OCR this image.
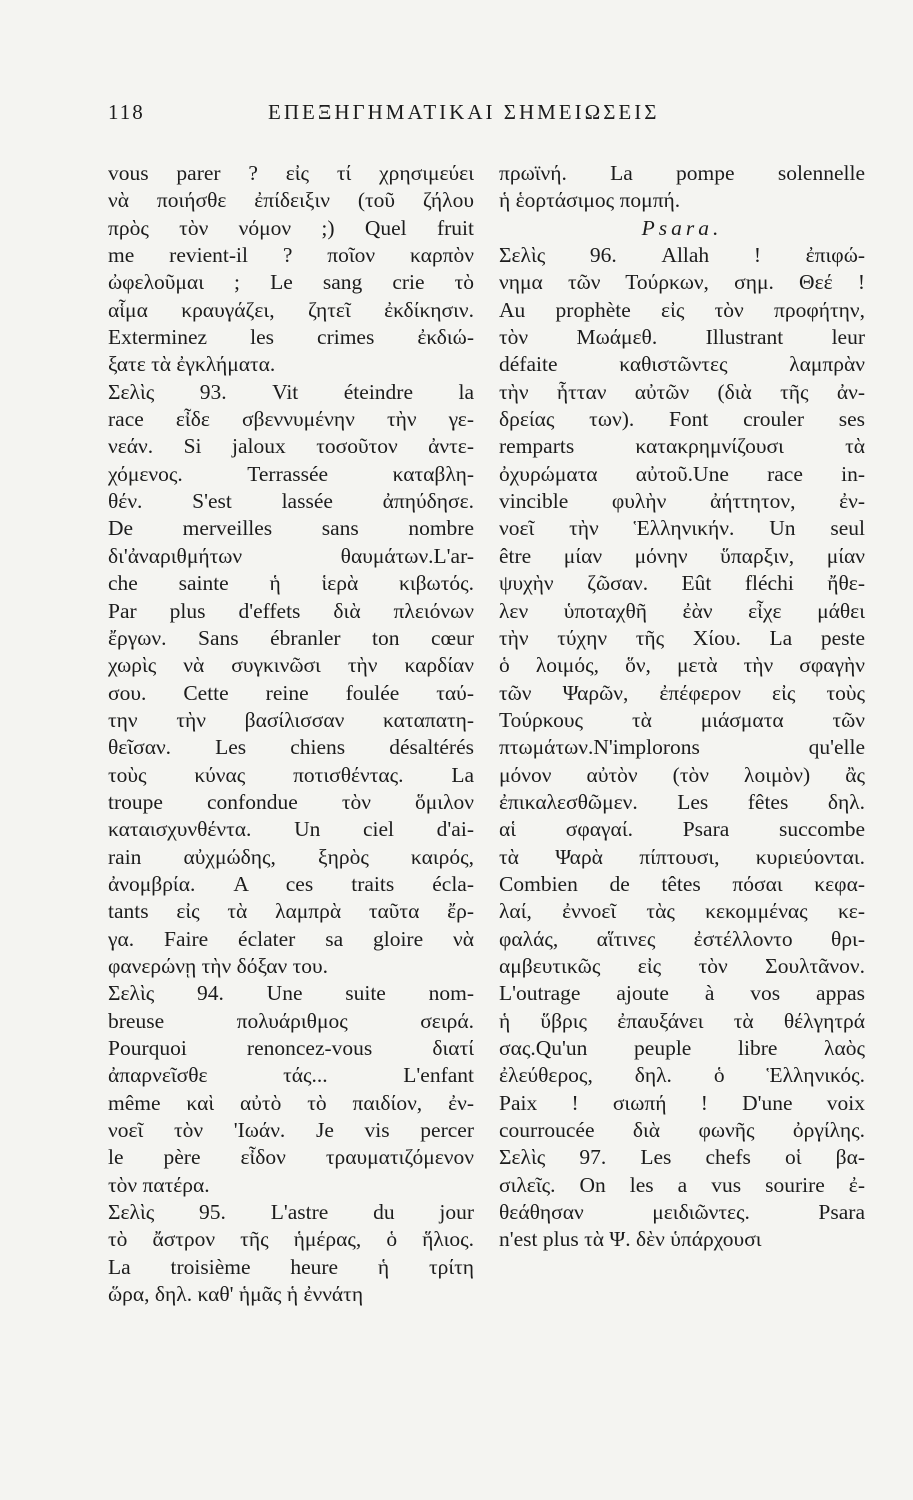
118	ΕΠΕΞΗΓΗΜΑΤΙΚΑΙ ΣΗΜΕΙΩΣΕΙΣ
vous parer ? εἰς τί χρησιμεύει
νὰ ποιήσθε ἐπίδειξιν (τοῦ ζήλου
πρὸς τὸν νόμον ;) Quel fruit
me revient-il ? ποῖον καρπὸν
ὠφελοῦμαι ; Le sang crie τὸ
αἷμα κραυγάζει, ζητεῖ ἐκδίκησιν.
Exterminez les crimes ἐκδιώ-
ξατε τὰ ἐγκλήματα.
Σελὶς 93. Vit éteindre la
race εἶδε σβεννυμένην τὴν γε-
νεάν. Si jaloux τοσοῦτον ἀντε-
χόμενος. Terrassée καταβλη-
θέν. S'est lassée ἀπηύδησε.
De merveilles sans nombre
δι'ἀναριθμήτων θαυμάτων.L'ar-
che sainte ἡ ἱερὰ κιβωτός.
Par plus d'effets διὰ πλειόνων
ἔργων. Sans ébranler ton cœur
χωρὶς νὰ συγκινῶσι τὴν καρδίαν
σου. Cette reine foulée ταύ-
την τὴν βασίλισσαν καταπατη-
θεῖσαν. Les chiens désaltérés
τοὺς κύνας ποτισθέντας. La
troupe confondue τὸν ὅμιλον
καταισχυνθέντα. Un ciel d'ai-
rain αὐχμώδης, ξηρὸς καιρός,
ἀνομβρία. A ces traits écla-
tants εἰς τὰ λαμπρὰ ταῦτα ἔρ-
γα. Faire éclater sa gloire νὰ
φανερώνῃ τὴν δόξαν του.
Σελὶς 94. Une suite nom-
breuse πολυάριθμος σειρά.
Pourquoi renoncez-vous διατί
ἀπαρνεῖσθε τάς... L'enfant
même καὶ αὐτὸ τὸ παιδίον, ἐν-
νοεῖ τὸν 'Ιωάν. Je vis percer
le père εἶδον τραυματιζόμενον
τὸν πατέρα.
Σελὶς 95. L'astre du jour
τὸ ἄστρον τῆς ἡμέρας, ὁ ἥλιος.
La troisième heure ἡ τρίτη
ὥρα, δηλ. καθ' ἡμᾶς ἡ ἐννάτη
πρωϊνή. La pompe solennelle
ἡ ἑορτάσιμος πομπή.
Psara.
Σελὶς 96. Allah ! ἐπιφώ-
νημα τῶν Τούρκων, σημ. Θεέ !
Au prophète εἰς τὸν προφήτην,
τὸν Μωάμεθ. Illustrant leur
défaite καθιστῶντες λαμπρὰν
τὴν ἧτταν αὐτῶν (διὰ τῆς ἀν-
δρείας των). Font crouler ses
remparts κατακρημνίζουσι τὰ
ὀχυρώματα αὐτοῦ.Une race in-
vincible φυλὴν ἀήττητον, ἐν-
νοεῖ τὴν Ἑλληνικήν. Un seul
être μίαν μόνην ὕπαρξιν, μίαν
ψυχὴν ζῶσαν. Eût fléchi ἤθε-
λεν ὑποταχθῆ ἐὰν εἶχε μάθει
τὴν τύχην τῆς Χίου. La peste
ὁ λοιμός, ὅν, μετὰ τὴν σφαγὴν
τῶν Ψαρῶν, ἐπέφερον εἰς τοὺς
Τούρκους τὰ μιάσματα τῶν
πτωμάτων.N'implorons qu'elle
μόνον αὐτὸν (τὸν λοιμὸν) ἂς
ἐπικαλεσθῶμεν. Les fêtes δηλ.
αἱ σφαγαί. Psara succombe
τὰ Ψαρὰ πίπτουσι, κυριεύονται.
Combien de têtes πόσαι κεφα-
λαί, ἐννοεῖ τὰς κεκομμένας κε-
φαλάς, αἵτινες ἐστέλλοντο θρι-
αμβευτικῶς εἰς τὸν Σουλτᾶνον.
L'outrage ajoute à vos appas
ἡ ὕβρις ἐπαυξάνει τὰ θέλγητρά
σας.Qu'un peuple libre λαὸς
ἐλεύθερος, δηλ. ὁ Ἑλληνικός.
Paix ! σιωπή ! D'une voix
courroucée διὰ φωνῆς ὀργίλης.
Σελὶς 97. Les chefs οἱ βα-
σιλεῖς. On les a vus sourire ἐ-
θεάθησαν μειδιῶντες. Psara
n'est plus τὰ Ψ. δὲν ὑπάρχουσι
